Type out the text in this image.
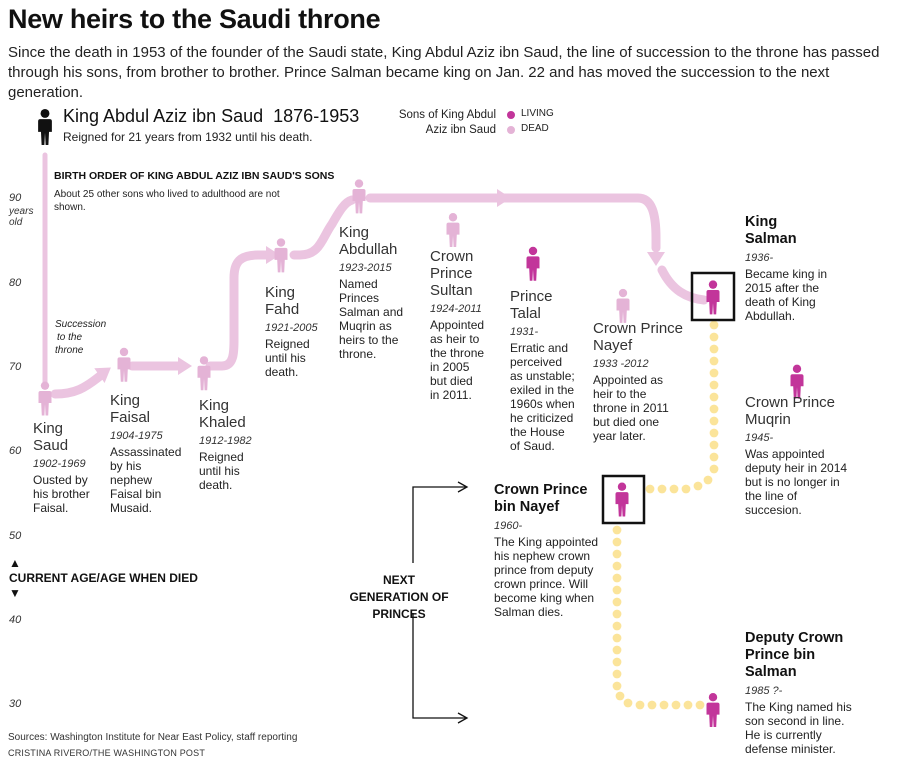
New heirs to the Saudi throne
Since the death in 1953 of the founder of the Saudi state, King Abdul Aziz ibn Saud, the line of succession to the throne has passed through his sons, from brother to brother. Prince Salman became king on Jan. 22 and has moved the succession to the next generation.
King Abdul Aziz ibn Saud  1876-1953
Reigned for 21 years from 1932 until his death.
Sons of King Abdul
Aziz ibn Saud
LIVING
DEAD
BIRTH ORDER OF KING ABDUL AZIZ IBN SAUD'S SONS
About 25 other sons who lived to adulthood are not shown.
Succession
to the
throne
90
years
old
80
70
60
50
40
30
▲
CURRENT AGE/AGE WHEN DIED
▼
NEXT GENERATION OF PRINCES
King
Saud
1902-1969
Ousted by
his brother
Faisal.
King
Faisal
1904-1975
Assassinated
by his
nephew
Faisal bin
Musaid.
King
Khaled
1912-1982
Reigned
until his
death.
King
Fahd
1921-2005
Reigned
until his
death.
King
Abdullah
1923-2015
Named
Princes
Salman and
Muqrin as
heirs to the
throne.
Crown
Prince
Sultan
1924-2011
Appointed
as heir to
the throne
in 2005
but died
in 2011.
Prince
Talal
1931-
Erratic and
perceived
as unstable;
exiled in the
1960s when
he criticized
the House
of Saud.
Crown Prince
Nayef
1933 -2012
Appointed as
heir to the
throne in 2011
but died one
year later.
King
Salman
1936-
Became king in
2015 after the
death of King
Abdullah.
Crown Prince
Muqrin
1945-
Was appointed
deputy heir in 2014
but is no longer in
the line of
succesion.
Crown Prince
bin Nayef
1960-
The King appointed
his nephew crown
prince from deputy
crown prince. Will
become king when
Salman dies.
Deputy Crown
Prince bin
Salman
1985 ?-
The King named his
son second in line.
He is currently
defense minister.
Sources: Washington Institute for Near East Policy, staff reporting
CRISTINA RIVERO/THE WASHINGTON POST
